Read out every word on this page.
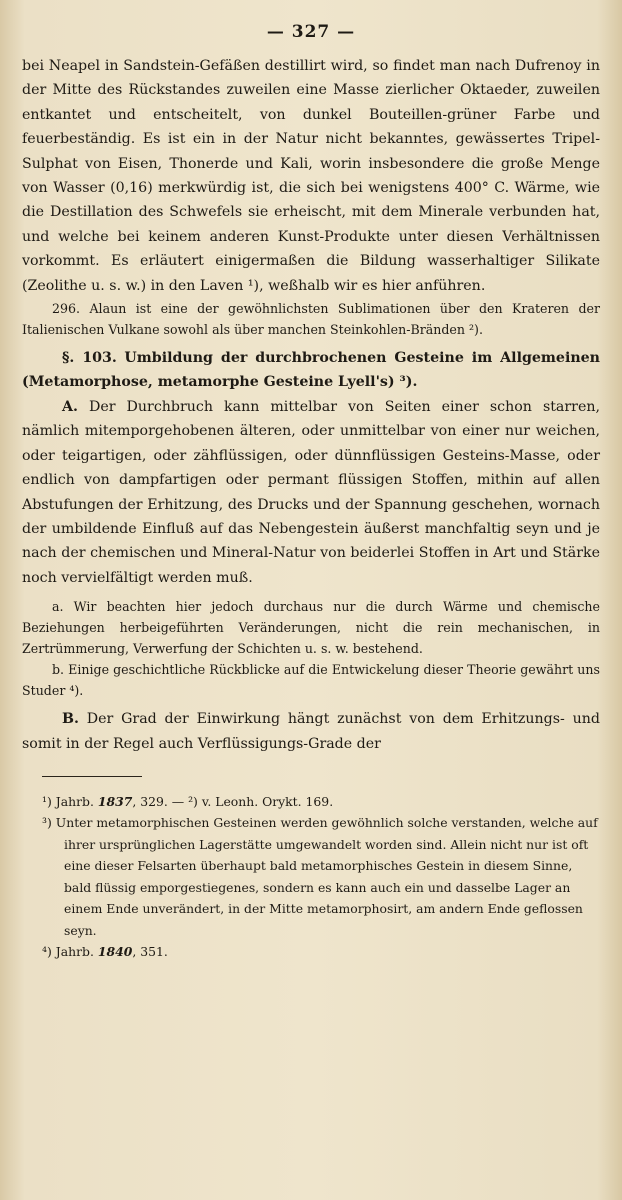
— 327 —

bei Neapel in Sandstein-Gefäßen destillirt wird, so findet man nach Dufrenoy in der Mitte des Rückstandes zuweilen eine Masse zierlicher Oktaeder, zuweilen entkantet und entscheitelt, von dunkel Bouteillen-grüner Farbe und feuerbeständig. Es ist ein in der Natur nicht bekanntes, gewässertes Tripel-Sulphat von Eisen, Thonerde und Kali, worin insbesondere die große Menge von Wasser (0,16) merkwürdig ist, die sich bei wenigstens 400° C. Wärme, wie die Destillation des Schwefels sie erheischt, mit dem Minerale verbunden hat, und welche bei keinem anderen Kunst-Produkte unter diesen Verhältnissen vorkommt. Es erläutert einigermaßen die Bildung wasserhaltiger Silikate (Zeolithe u. s. w.) in den Laven ¹), weßhalb wir es hier anführen.

296. Alaun ist eine der gewöhnlichsten Sublimationen über den Krateren der Italienischen Vulkane sowohl als über manchen Steinkohlen-Bränden ²).

§. 103. Umbildung der durchbrochenen Gesteine im Allgemeinen (Metamorphose, metamorphe Gesteine Lyell's) ³).

A. Der Durchbruch kann mittelbar von Seiten einer schon starren, nämlich mitemporgehobenen älteren, oder unmittelbar von einer nur weichen, oder teigartigen, oder zähflüssigen, oder dünnflüssigen Gesteins-Masse, oder endlich von dampfartigen oder permant flüssigen Stoffen, mithin auf allen Abstufungen der Erhitzung, des Drucks und der Spannung geschehen, wornach der umbildende Einfluß auf das Nebengestein äußerst manchfaltig seyn und je nach der chemischen und Mineral-Natur von beiderlei Stoffen in Art und Stärke noch vervielfältigt werden muß.

a. Wir beachten hier jedoch durchaus nur die durch Wärme und chemische Beziehungen herbeigeführten Veränderungen, nicht die rein mechanischen, in Zertrümmerung, Verwerfung der Schichten u. s. w. bestehend.

b. Einige geschichtliche Rückblicke auf die Entwickelung dieser Theorie gewährt uns Studer ⁴).

B. Der Grad der Einwirkung hängt zunächst von dem Erhitzungs- und somit in der Regel auch Verflüssigungs-Grade der

¹) Jahrb. 1837, 329. — ²) v. Leonh. Orykt. 169.

³) Unter metamorphischen Gesteinen werden gewöhnlich solche verstanden, welche auf ihrer ursprünglichen Lagerstätte umgewandelt worden sind. Allein nicht nur ist oft eine dieser Felsarten überhaupt bald metamorphisches Gestein in diesem Sinne, bald flüssig emporgestiegenes, sondern es kann auch ein und dasselbe Lager an einem Ende unverändert, in der Mitte metamorphosirt, am andern Ende geflossen seyn.

⁴) Jahrb. 1840, 351.
